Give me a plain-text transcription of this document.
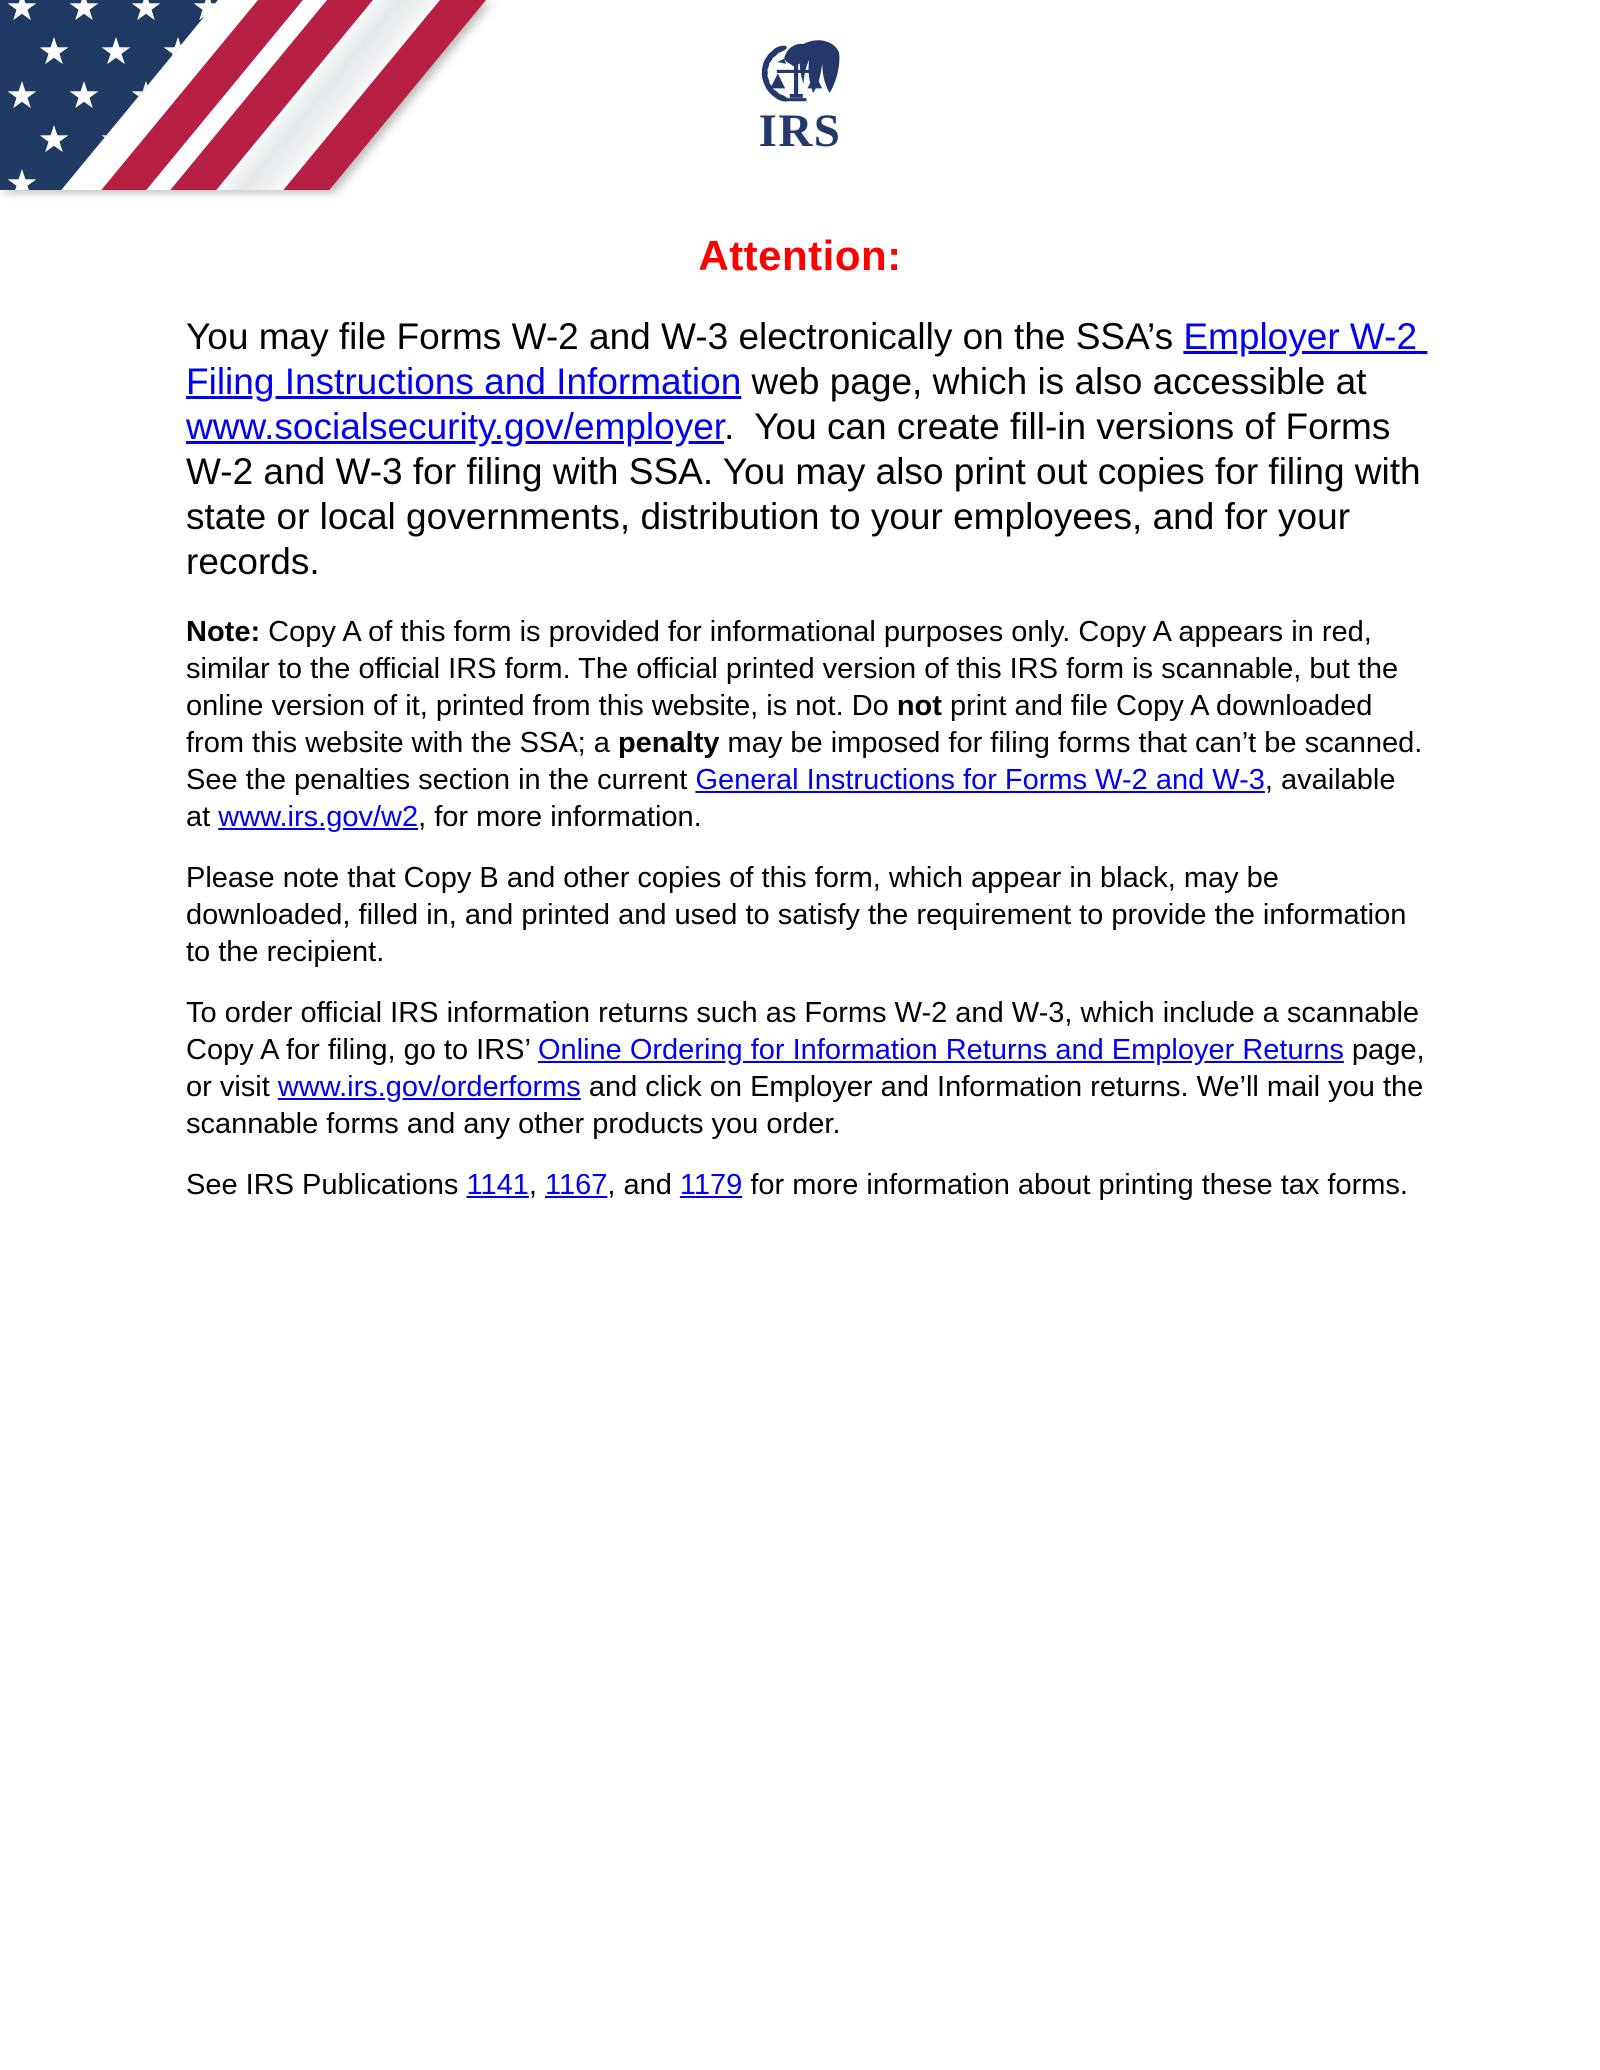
IRS
Attention:

You may file Forms W-2 and W-3 electronically on the SSA’s Employer W-2 Filing Instructions and Information web page, which is also accessible at www.socialsecurity.gov/employer.  You can create fill-in versions of Forms W-2 and W-3 for filing with SSA. You may also print out copies for filing with state or local governments, distribution to your employees, and for your records.

Note: Copy A of this form is provided for informational purposes only. Copy A appears in red, similar to the official IRS form. The official printed version of this IRS form is scannable, but the online version of it, printed from this website, is not. Do not print and file Copy A downloaded from this website with the SSA; a penalty may be imposed for filing forms that can’t be scanned. See the penalties section in the current General Instructions for Forms W-2 and W-3, available at www.irs.gov/w2, for more information.

Please note that Copy B and other copies of this form, which appear in black, may be downloaded, filled in, and printed and used to satisfy the requirement to provide the information to the recipient.

To order official IRS information returns such as Forms W-2 and W-3, which include a scannable Copy A for filing, go to IRS’ Online Ordering for Information Returns and Employer Returns page, or visit www.irs.gov/orderforms and click on Employer and Information returns. We’ll mail you the scannable forms and any other products you order.

See IRS Publications 1141, 1167, and 1179 for more information about printing these tax forms.
